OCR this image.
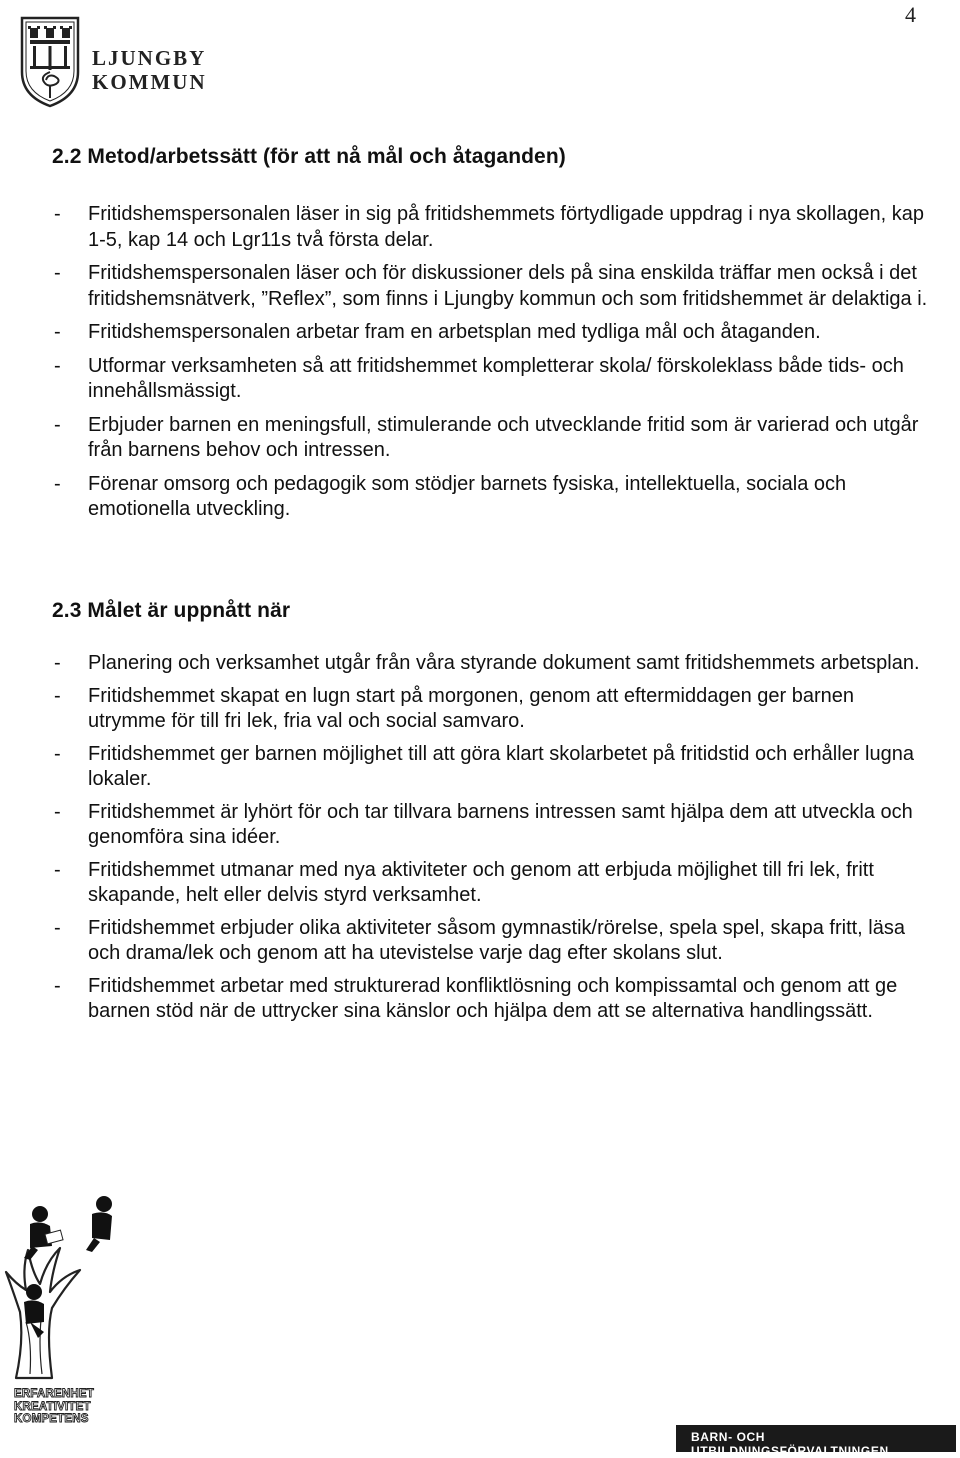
4
LJUNGBY
KOMMUN
2.2 Metod/arbetssätt (för att nå mål och åtaganden)
- Fritidshemspersonalen läser in sig på fritidshemmets förtydligade uppdrag i nya skollagen, kap 1-5, kap 14 och Lgr11s två första delar.
- Fritidshemspersonalen läser och för diskussioner dels på sina enskilda träffar men också i det fritidshemsnätverk, ”Reflex”, som finns i Ljungby kommun och som fritidshemmet är delaktiga i.
- Fritidshemspersonalen arbetar fram en arbetsplan med tydliga mål och åtaganden.
- Utformar verksamheten så att fritidshemmet kompletterar skola/ förskoleklass både tids- och innehållsmässigt.
- Erbjuder barnen en meningsfull, stimulerande och utvecklande fritid som är varierad och utgår från barnens behov och intressen.
- Förenar omsorg och pedagogik som stödjer barnets fysiska, intellektuella, sociala och emotionella utveckling.
2.3 Målet är uppnått när
- Planering och verksamhet utgår från våra styrande dokument samt fritidshemmets arbetsplan.
- Fritidshemmet skapat en lugn start på morgonen, genom att eftermiddagen ger barnen utrymme för till fri lek, fria val och social samvaro.
- Fritidshemmet ger barnen möjlighet till att göra klart skolarbetet på fritidstid och erhåller lugna lokaler.
- Fritidshemmet är lyhört för och tar tillvara barnens intressen samt hjälpa dem att utveckla och genomföra sina idéer.
- Fritidshemmet utmanar med nya aktiviteter och genom att erbjuda möjlighet till fri lek, fritt skapande, helt eller delvis styrd verksamhet.
- Fritidshemmet erbjuder olika aktiviteter såsom gymnastik/rörelse, spela spel, skapa fritt, läsa och drama/lek och genom att ha utevistelse varje dag efter skolans slut.
- Fritidshemmet arbetar med strukturerad konfliktlösning och kompissamtal och genom att ge barnen stöd när de uttrycker sina känslor och hjälpa dem att se alternativa handlingssätt.
ERFARENHET
KREATIVITET
KOMPETENS
BARN- OCH UTBILDNINGSFÖRVALTNINGEN
